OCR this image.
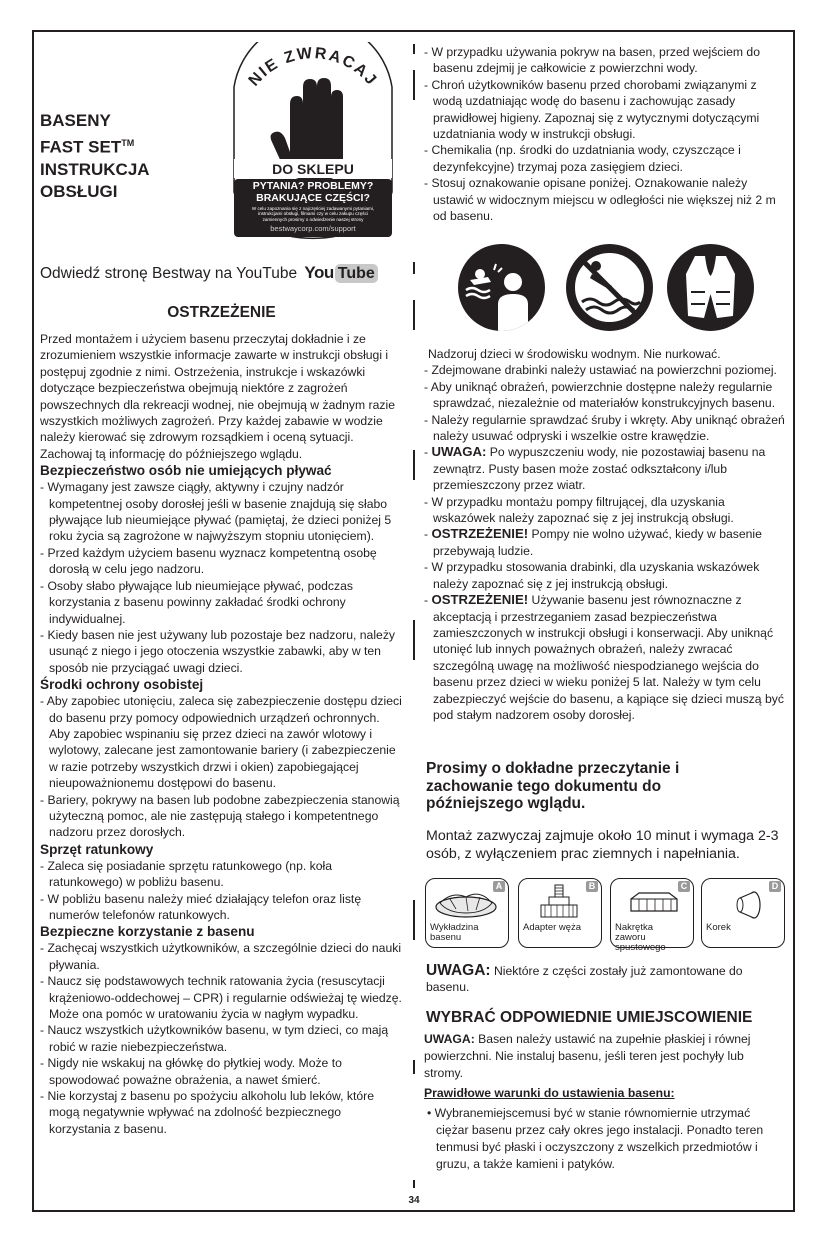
BASENY
FAST SET™
INSTRUKCJA
OBSŁUGI
NIE ZWRACAJ
DO SKLEPU
PYTANIA? PROBLEMY? BRAKUJĄCE CZĘŚCI?
W celu zapoznania się z najczęściej zadawanymi pytaniami, instrukcjami obsługi, filmami czy w celu zakupu części zamiennych prosimy o odwiedzenie naszej strony
bestwaycorp.com/support
Odwiedź stronę Bestway na YouTube You Tube
OSTRZEŻENIE
Przed montażem i użyciem basenu przeczytaj dokładnie i ze zrozumieniem wszystkie informacje zawarte w instrukcji obsługi i postępuj zgodnie z nimi. Ostrzeżenia, instrukcje i wskazówki dotyczące bezpieczeństwa obejmują niektóre z zagrożeń powszechnych dla rekreacji wodnej, nie obejmują w żadnym razie wszystkich możliwych zagrożeń. Przy każdej zabawie w wodzie należy kierować się zdrowym rozsądkiem i oceną sytuacji. Zachowaj tą informację do późniejszego wglądu.
Bezpieczeństwo osób nie umiejących pływać
- Wymagany jest zawsze ciągły, aktywny i czujny nadzór kompetentnej osoby dorosłej jeśli w basenie znajdują się słabo pływające lub nieumiejące pływać (pamiętaj, że dzieci poniżej 5 roku życia są zagrożone w najwyższym stopniu utonięciem).
- Przed każdym użyciem basenu wyznacz kompetentną osobę dorosłą w celu jego nadzoru.
- Osoby słabo pływające lub nieumiejące pływać, podczas korzystania z basenu powinny zakładać środki ochrony indywidualnej.
- Kiedy basen nie jest używany lub pozostaje bez nadzoru, należy usunąć z niego i jego otoczenia wszystkie zabawki, aby w ten sposób nie przyciągać uwagi dzieci.
Środki ochrony osobistej
- Aby zapobiec utonięciu, zaleca się zabezpieczenie dostępu dzieci do basenu przy pomocy odpowiednich urządzeń ochronnych. Aby zapobiec wspinaniu się przez dzieci na zawór wlotowy i wylotowy, zalecane jest zamontowanie bariery (i zabezpieczenie w razie potrzeby wszystkich drzwi i okien) zapobiegającej nieupoważnionemu dostępowi do basenu.
- Bariery, pokrywy na basen lub podobne zabezpieczenia stanowią użyteczną pomoc, ale nie zastępują stałego i kompetentnego nadzoru przez dorosłych.
Sprzęt ratunkowy
- Zaleca się posiadanie sprzętu ratunkowego (np. koła ratunkowego) w pobliżu basenu.
- W pobliżu basenu należy mieć działający telefon oraz listę numerów telefonów ratunkowych.
Bezpieczne korzystanie z basenu
- Zachęcaj wszystkich użytkowników, a szczególnie dzieci do nauki pływania.
- Naucz się podstawowych technik ratowania życia (resuscytacji krążeniowo-oddechowej – CPR) i regularnie odświeżaj tę wiedzę. Może ona pomóc w uratowaniu życia w nagłym wypadku.
- Naucz wszystkich użytkowników basenu, w tym dzieci, co mają robić w razie niebezpieczeństwa.
- Nigdy nie wskakuj na główkę do płytkiej wody. Może to spowodować poważne obrażenia, a nawet śmierć.
- Nie korzystaj z basenu po spożyciu alkoholu lub leków, które mogą negatywnie wpływać na zdolność bezpiecznego korzystania z basenu.
- W przypadku używania pokryw na basen, przed wejściem do basenu zdejmij je całkowicie z powierzchni wody.
- Chroń użytkowników basenu przed chorobami związanymi z wodą uzdatniając wodę do basenu i zachowując zasady prawidłowej higieny. Zapoznaj się z wytycznymi dotyczącymi uzdatniania wody w instrukcji obsługi.
- Chemikalia (np. środki do uzdatniania wody, czyszczące i dezynfekcyjne) trzymaj poza zasięgiem dzieci.
- Stosuj oznakowanie opisane poniżej. Oznakowanie należy ustawić w widocznym miejscu w odległości nie większej niż 2 m od basenu.
Nadzoruj dzieci w środowisku wodnym. Nie nurkować.
- Zdejmowane drabinki należy ustawiać na powierzchni poziomej.
- Aby uniknąć obrażeń, powierzchnie dostępne należy regularnie sprawdzać, niezależnie od materiałów konstrukcyjnych basenu.
- Należy regularnie sprawdzać śruby i wkręty. Aby uniknąć obrażeń należy usuwać odpryski i wszelkie ostre krawędzie.
- UWAGA: Po wypuszczeniu wody, nie pozostawiaj basenu na zewnątrz. Pusty basen może zostać odkształcony i/lub przemieszczony przez wiatr.
- W przypadku montażu pompy filtrującej, dla uzyskania wskazówek należy zapoznać się z jej instrukcją obsługi.
- OSTRZEŻENIE! Pompy nie wolno używać, kiedy w basenie przebywają ludzie.
- W przypadku stosowania drabinki, dla uzyskania wskazówek należy zapoznać się z jej instrukcją obsługi.
- OSTRZEŻENIE! Używanie basenu jest równoznaczne z akceptacją i przestrzeganiem zasad bezpieczeństwa zamieszczonych w instrukcji obsługi i konserwacji. Aby uniknąć utonięć lub innych poważnych obrażeń, należy zwracać szczególną uwagę na możliwość niespodzianego wejścia do basenu przez dzieci w wieku poniżej 5 lat. Należy w tym celu zabezpieczyć wejście do basenu, a kąpiące się dzieci muszą być pod stałym nadzorem osoby dorosłej.
Prosimy o dokładne przeczytanie i zachowanie tego dokumentu do późniejszego wglądu.
Montaż zazwyczaj zajmuje około 10 minut i wymaga 2-3 osób, z wyłączeniem prac ziemnych i napełniania.
A
Wykładzina basenu
B
Adapter węża
C
Nakrętka zaworu spustowego
D
Korek
UWAGA: Niektóre z części zostały już zamontowane do basenu.
WYBRAĆ ODPOWIEDNIE UMIEJSCOWIENIE
UWAGA: Basen należy ustawić na zupełnie płaskiej i równej powierzchni. Nie instaluj basenu, jeśli teren jest pochyły lub stromy.
Prawidłowe warunki do ustawienia basenu:
• Wybranemiejscemusi być w stanie równomiernie utrzymać ciężar basenu przez cały okres jego instalacji. Ponadto teren tenmusi być płaski i oczyszczony z wszelkich przedmiotów i gruzu, a także kamieni i patyków.
34
